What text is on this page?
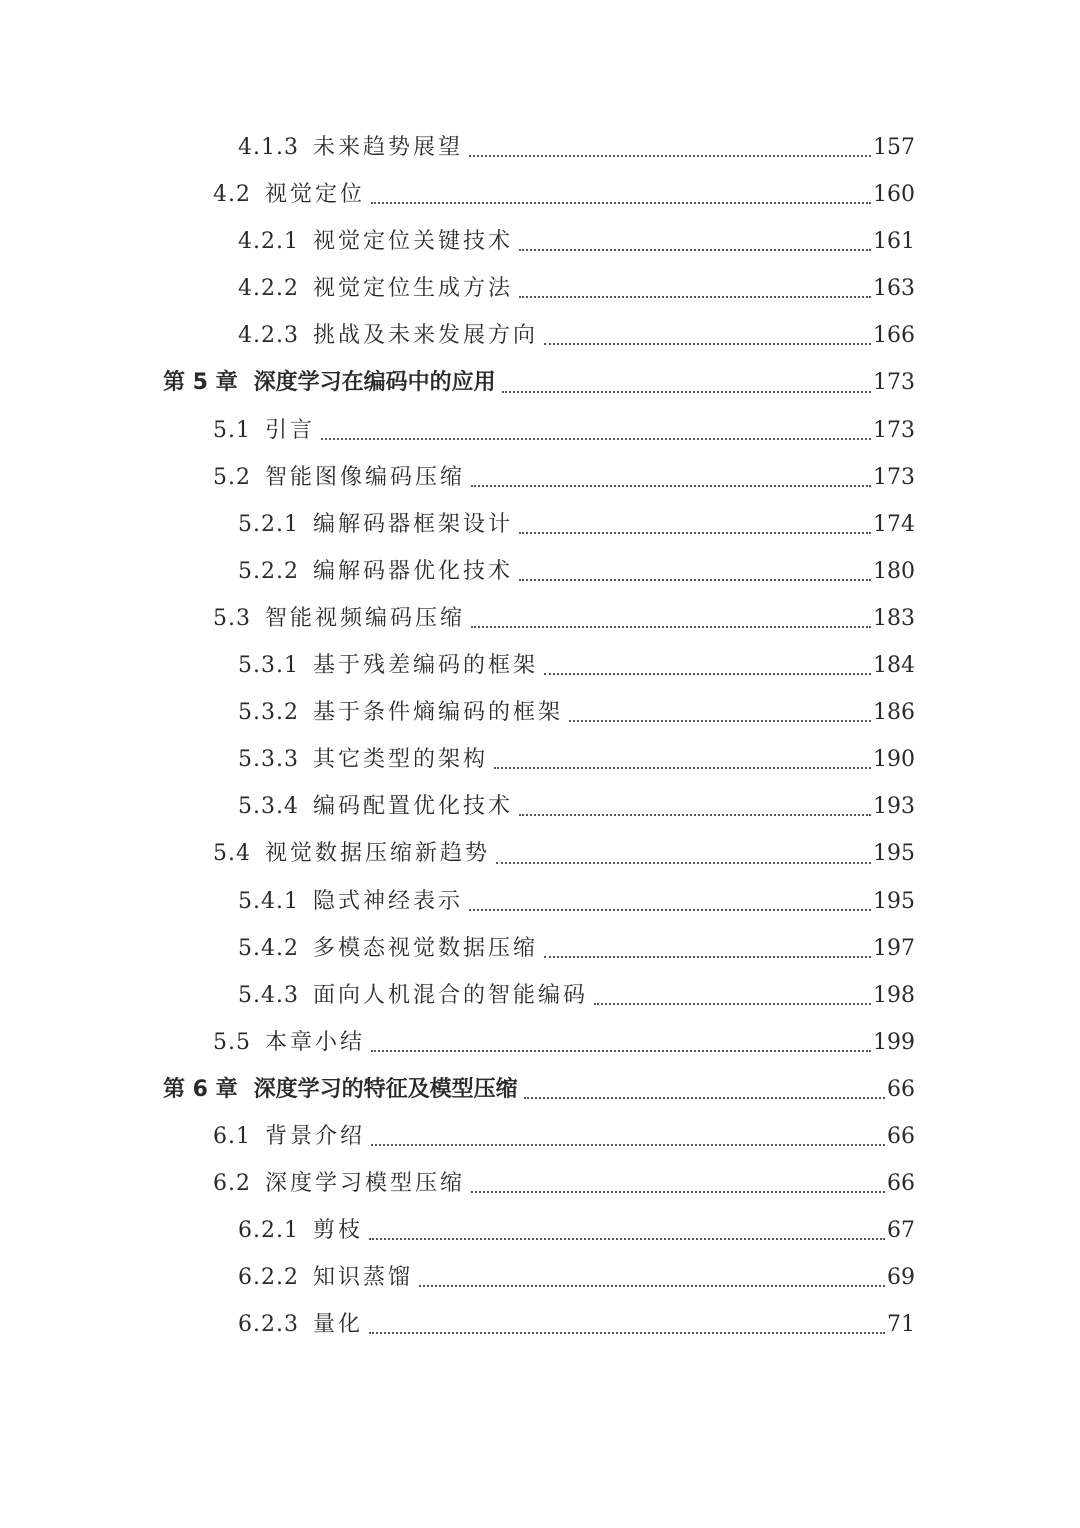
4.1.3 未来趋势展望	157
4.2 视觉定位	160
4.2.1 视觉定位关键技术	161
4.2.2 视觉定位生成方法	163
4.2.3 挑战及未来发展方向	166
第 5 章 深度学习在编码中的应用	173
5.1 引言	173
5.2 智能图像编码压缩	173
5.2.1 编解码器框架设计	174
5.2.2 编解码器优化技术	180
5.3 智能视频编码压缩	183
5.3.1 基于残差编码的框架	184
5.3.2 基于条件熵编码的框架	186
5.3.3 其它类型的架构	190
5.3.4 编码配置优化技术	193
5.4 视觉数据压缩新趋势	195
5.4.1 隐式神经表示	195
5.4.2 多模态视觉数据压缩	197
5.4.3 面向人机混合的智能编码	198
5.5 本章小结	199
第 6 章 深度学习的特征及模型压缩	66
6.1 背景介绍	66
6.2 深度学习模型压缩	66
6.2.1 剪枝	67
6.2.2 知识蒸馏	69
6.2.3 量化	71
